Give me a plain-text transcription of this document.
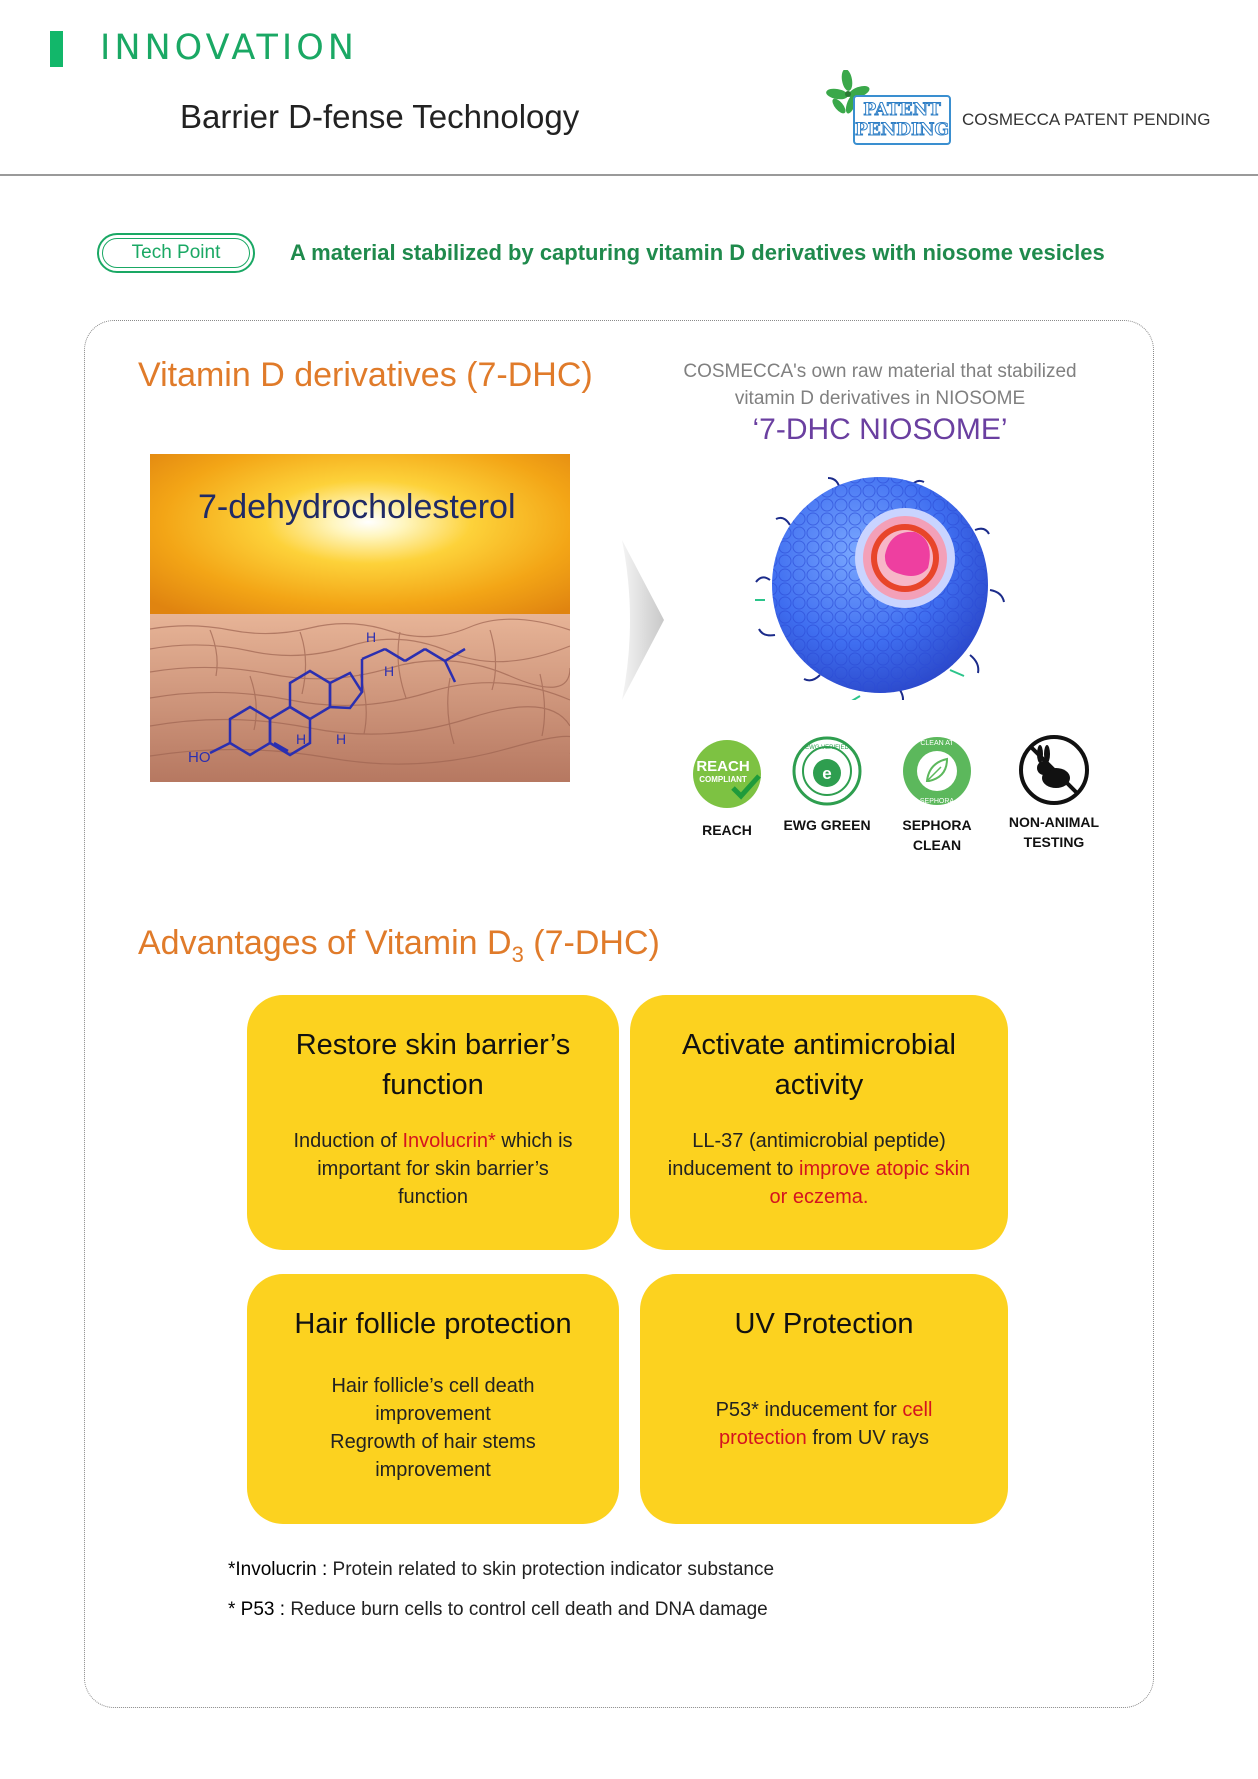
INNOVATION
Barrier D-fense Technology	PATENT
PENDING
COSMECCA PATENT PENDING
Tech Point	A material stabilized by capturing vitamin D derivatives with niosome vesicles
Vitamin D derivatives (7-DHC)
HO
H
H
H H
7-dehydrocholesterol
COSMECCA's own raw material that stabilized
vitamin D derivatives in NIOSOME
‘7-DHC NIOSOME’
REACH
COMPLIANT
REACH
e
EWG VERIFIED
EWG GREEN
CLEAN AT
SEPHORA
SEPHORA CLEAN
NON-ANIMAL
TESTING
Advantages of Vitamin $D_3$ (7-DHC)
Restore skin barrier’s
function
Induction of Involucrin* which is
important for skin barrier’s
function
Activate antimicrobial
activity
LL-37 (antimicrobial peptide)
inducement to improve atopic skin
or eczema.
Hair follicle protection
Hair follicle’s cell death
improvement
Regrowth of hair stems
improvement
UV Protection
P53* inducement for cell
protection from UV rays
*Involucrin : Protein related to skin protection indicator substance
* P53 : Reduce burn cells to control cell death and DNA damage
